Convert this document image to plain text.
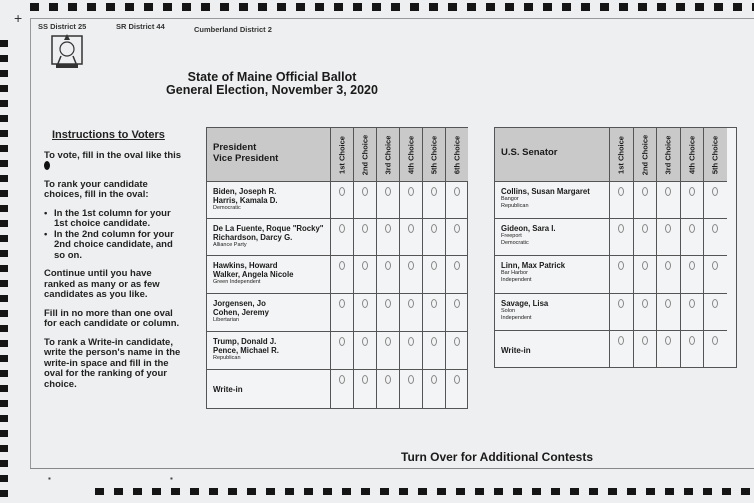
+
SS District 25	SR District 44	Cumberland District 2
State of Maine Official Ballot
General Election, November 3, 2020
Instructions to Voters

To vote, fill in the oval like this

To rank your candidate choices, fill in the oval:

• In the 1st column for your 1st choice candidate.
• In the 2nd column for your 2nd choice candidate, and so on.

Continue until you have ranked as many or as few candidates as you like.

Fill in no more than one oval for each candidate or column.

To rank a Write-in candidate, write the person's name in the write-in space and fill in the oval for the ranking of your choice.

President
Vice President	1st Choice 2nd Choice 3rd Choice 4th Choice 5th Choice 6th Choice
Biden, Joseph R.
Harris, Kamala D.
Democratic
De La Fuente, Roque "Rocky"
Richardson, Darcy G.
Alliance Party
Hawkins, Howard
Walker, Angela Nicole
Green Independent
Jorgensen, Jo
Cohen, Jeremy
Libertarian
Trump, Donald J.
Pence, Michael R.
Republican
Write-in
U.S. Senator	1st Choice 2nd Choice 3rd Choice 4th Choice 5th Choice
Collins, Susan Margaret
Bangor
Republican
Gideon, Sara I.
Freeport
Democratic
Linn, Max Patrick
Bar Harbor
Independent
Savage, Lisa
Solon
Independent
Write-in
Turn Over for Additional Contests
▪	▪
